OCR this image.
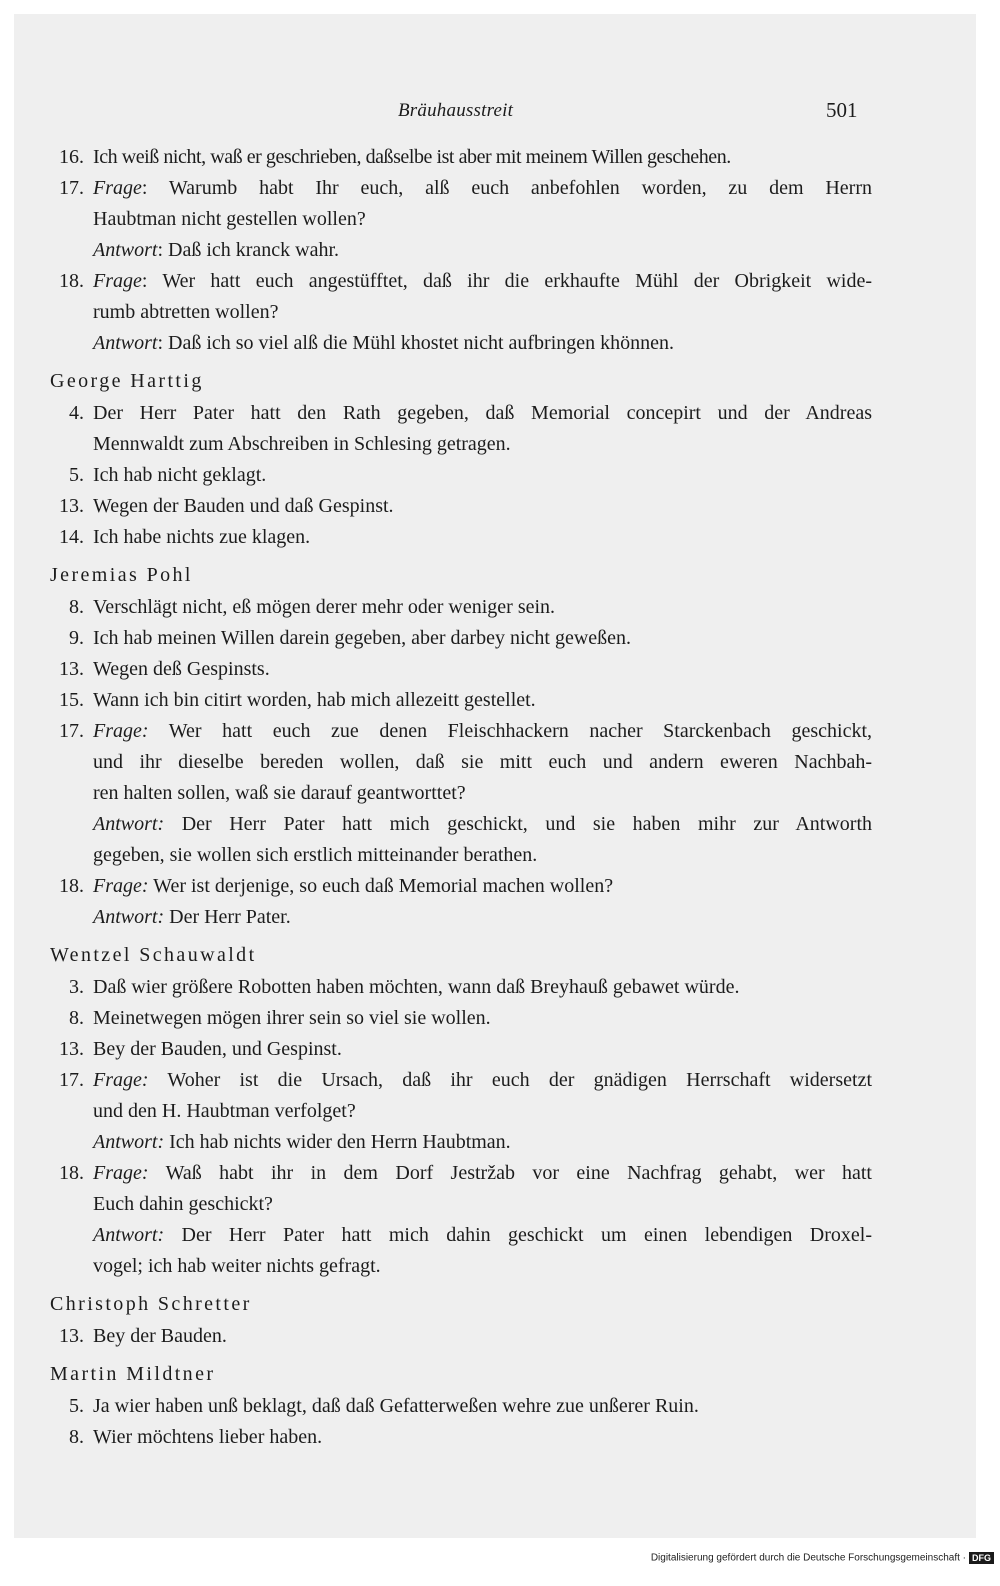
Bräuhausstreit	501
16. Ich weiß nicht, waß er geschrieben, daßselbe ist aber mit meinem Willen geschehen.
17. Frage: Warumb habt Ihr euch, alß euch anbefohlen worden, zu dem Herrn
Haubtman nicht gestellen wollen?
Antwort: Daß ich kranck wahr.
18. Frage: Wer hatt euch angestüfftet, daß ihr die erkhaufte Mühl der Obrigkeit wide-
rumb abtretten wollen?
Antwort: Daß ich so viel alß die Mühl khostet nicht aufbringen khönnen.
George Harttig
4. Der Herr Pater hatt den Rath gegeben, daß Memorial concepirt und der Andreas
Mennwaldt zum Abschreiben in Schlesing getragen.
5. Ich hab nicht geklagt.
13. Wegen der Bauden und daß Gespinst.
14. Ich habe nichts zue klagen.
Jeremias Pohl
8. Verschlägt nicht, eß mögen derer mehr oder weniger sein.
9. Ich hab meinen Willen darein gegeben, aber darbey nicht geweßen.
13. Wegen deß Gespinsts.
15. Wann ich bin citirt worden, hab mich allezeitt gestellet.
17. Frage: Wer hatt euch zue denen Fleischhackern nacher Starckenbach geschickt,
und ihr dieselbe bereden wollen, daß sie mitt euch und andern eweren Nachbah-
ren halten sollen, waß sie darauf geantworttet?
Antwort: Der Herr Pater hatt mich geschickt, und sie haben mihr zur Antworth
gegeben, sie wollen sich erstlich mitteinander berathen.
18. Frage: Wer ist derjenige, so euch daß Memorial machen wollen?
Antwort: Der Herr Pater.
Wentzel Schauwaldt
3. Daß wier größere Robotten haben möchten, wann daß Breyhauß gebawet würde.
8. Meinetwegen mögen ihrer sein so viel sie wollen.
13. Bey der Bauden, und Gespinst.
17. Frage: Woher ist die Ursach, daß ihr euch der gnädigen Herrschaft widersetzt
und den H. Haubtman verfolget?
Antwort: Ich hab nichts wider den Herrn Haubtman.
18. Frage: Waß habt ihr in dem Dorf Jestržab vor eine Nachfrag gehabt, wer hatt
Euch dahin geschickt?
Antwort: Der Herr Pater hatt mich dahin geschickt um einen lebendigen Droxel-
vogel; ich hab weiter nichts gefragt.
Christoph Schretter
13. Bey der Bauden.
Martin Mildtner
5. Ja wier haben unß beklagt, daß daß Gefatterweßen wehre zue unßerer Ruin.
8. Wier möchtens lieber haben.
Digitalisierung gefördert durch die Deutsche Forschungsgemeinschaft · DFG
